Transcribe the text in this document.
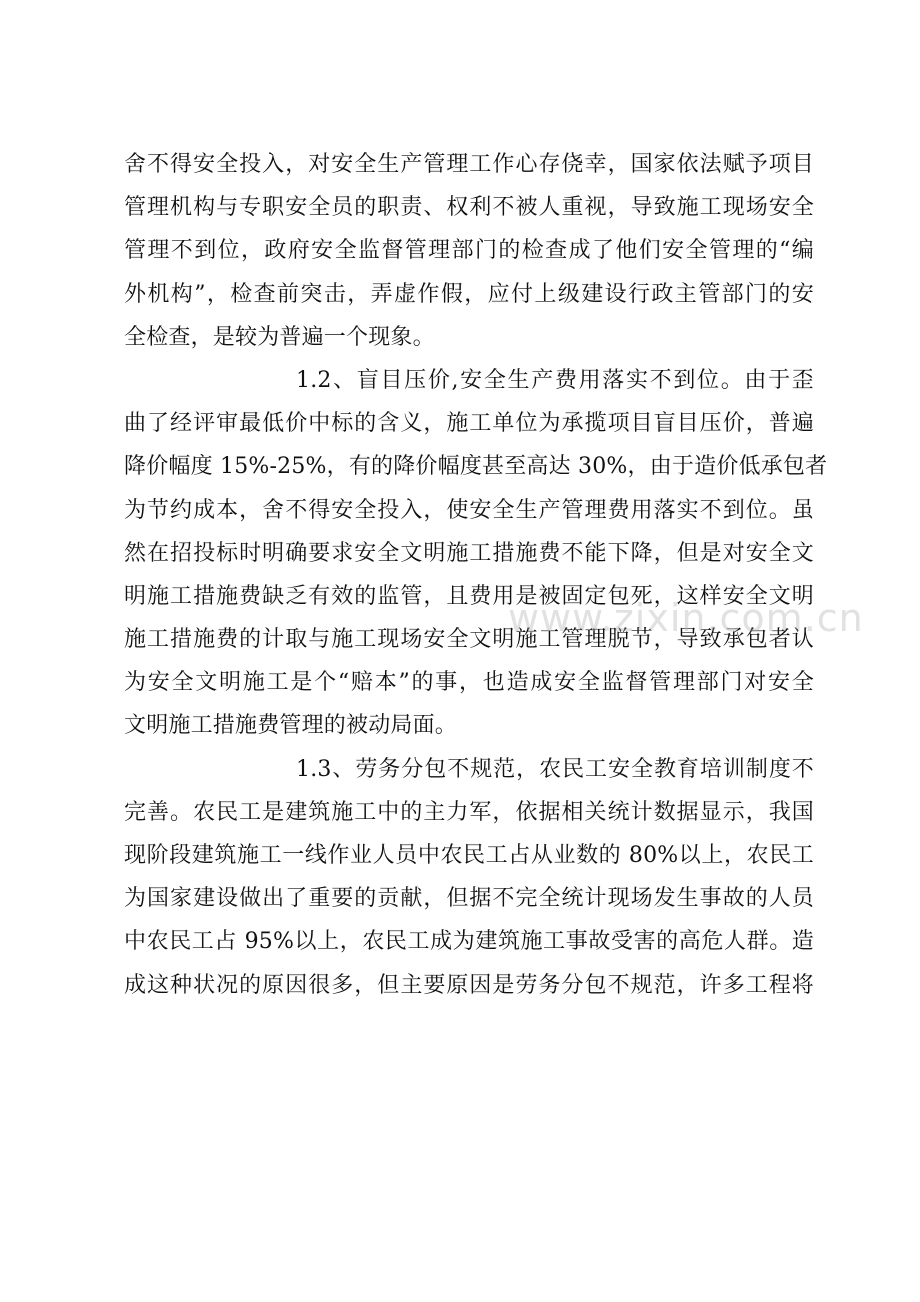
舍不得安全投入，对安全生产管理工作心存侥幸，国家依法赋予项目
管理机构与专职安全员的职责、权利不被人重视，导致施工现场安全
管理不到位，政府安全监督管理部门的检查成了他们安全管理的“编
外机构”，检查前突击，弄虚作假，应付上级建设行政主管部门的安
全检查，是较为普遍一个现象。
1.2、盲目压价,安全生产费用落实不到位。由于歪
曲了经评审最低价中标的含义，施工单位为承揽项目盲目压价，普遍
降价幅度 15%-25%，有的降价幅度甚至高达 30%，由于造价低承包者
为节约成本，舍不得安全投入，使安全生产管理费用落实不到位。虽
然在招投标时明确要求安全文明施工措施费不能下降，但是对安全文
明施工措施费缺乏有效的监管，且费用是被固定包死，这样安全文明
施工措施费的计取与施工现场安全文明施工管理脱节，导致承包者认
为安全文明施工是个“赔本”的事，也造成安全监督管理部门对安全
文明施工措施费管理的被动局面。
1.3、劳务分包不规范，农民工安全教育培训制度不
完善。农民工是建筑施工中的主力军，依据相关统计数据显示，我国
现阶段建筑施工一线作业人员中农民工占从业数的 80%以上，农民工
为国家建设做出了重要的贡献，但据不完全统计现场发生事故的人员
中农民工占 95%以上，农民工成为建筑施工事故受害的高危人群。造
成这种状况的原因很多，但主要原因是劳务分包不规范，许多工程将
www.zixin.com.cn
